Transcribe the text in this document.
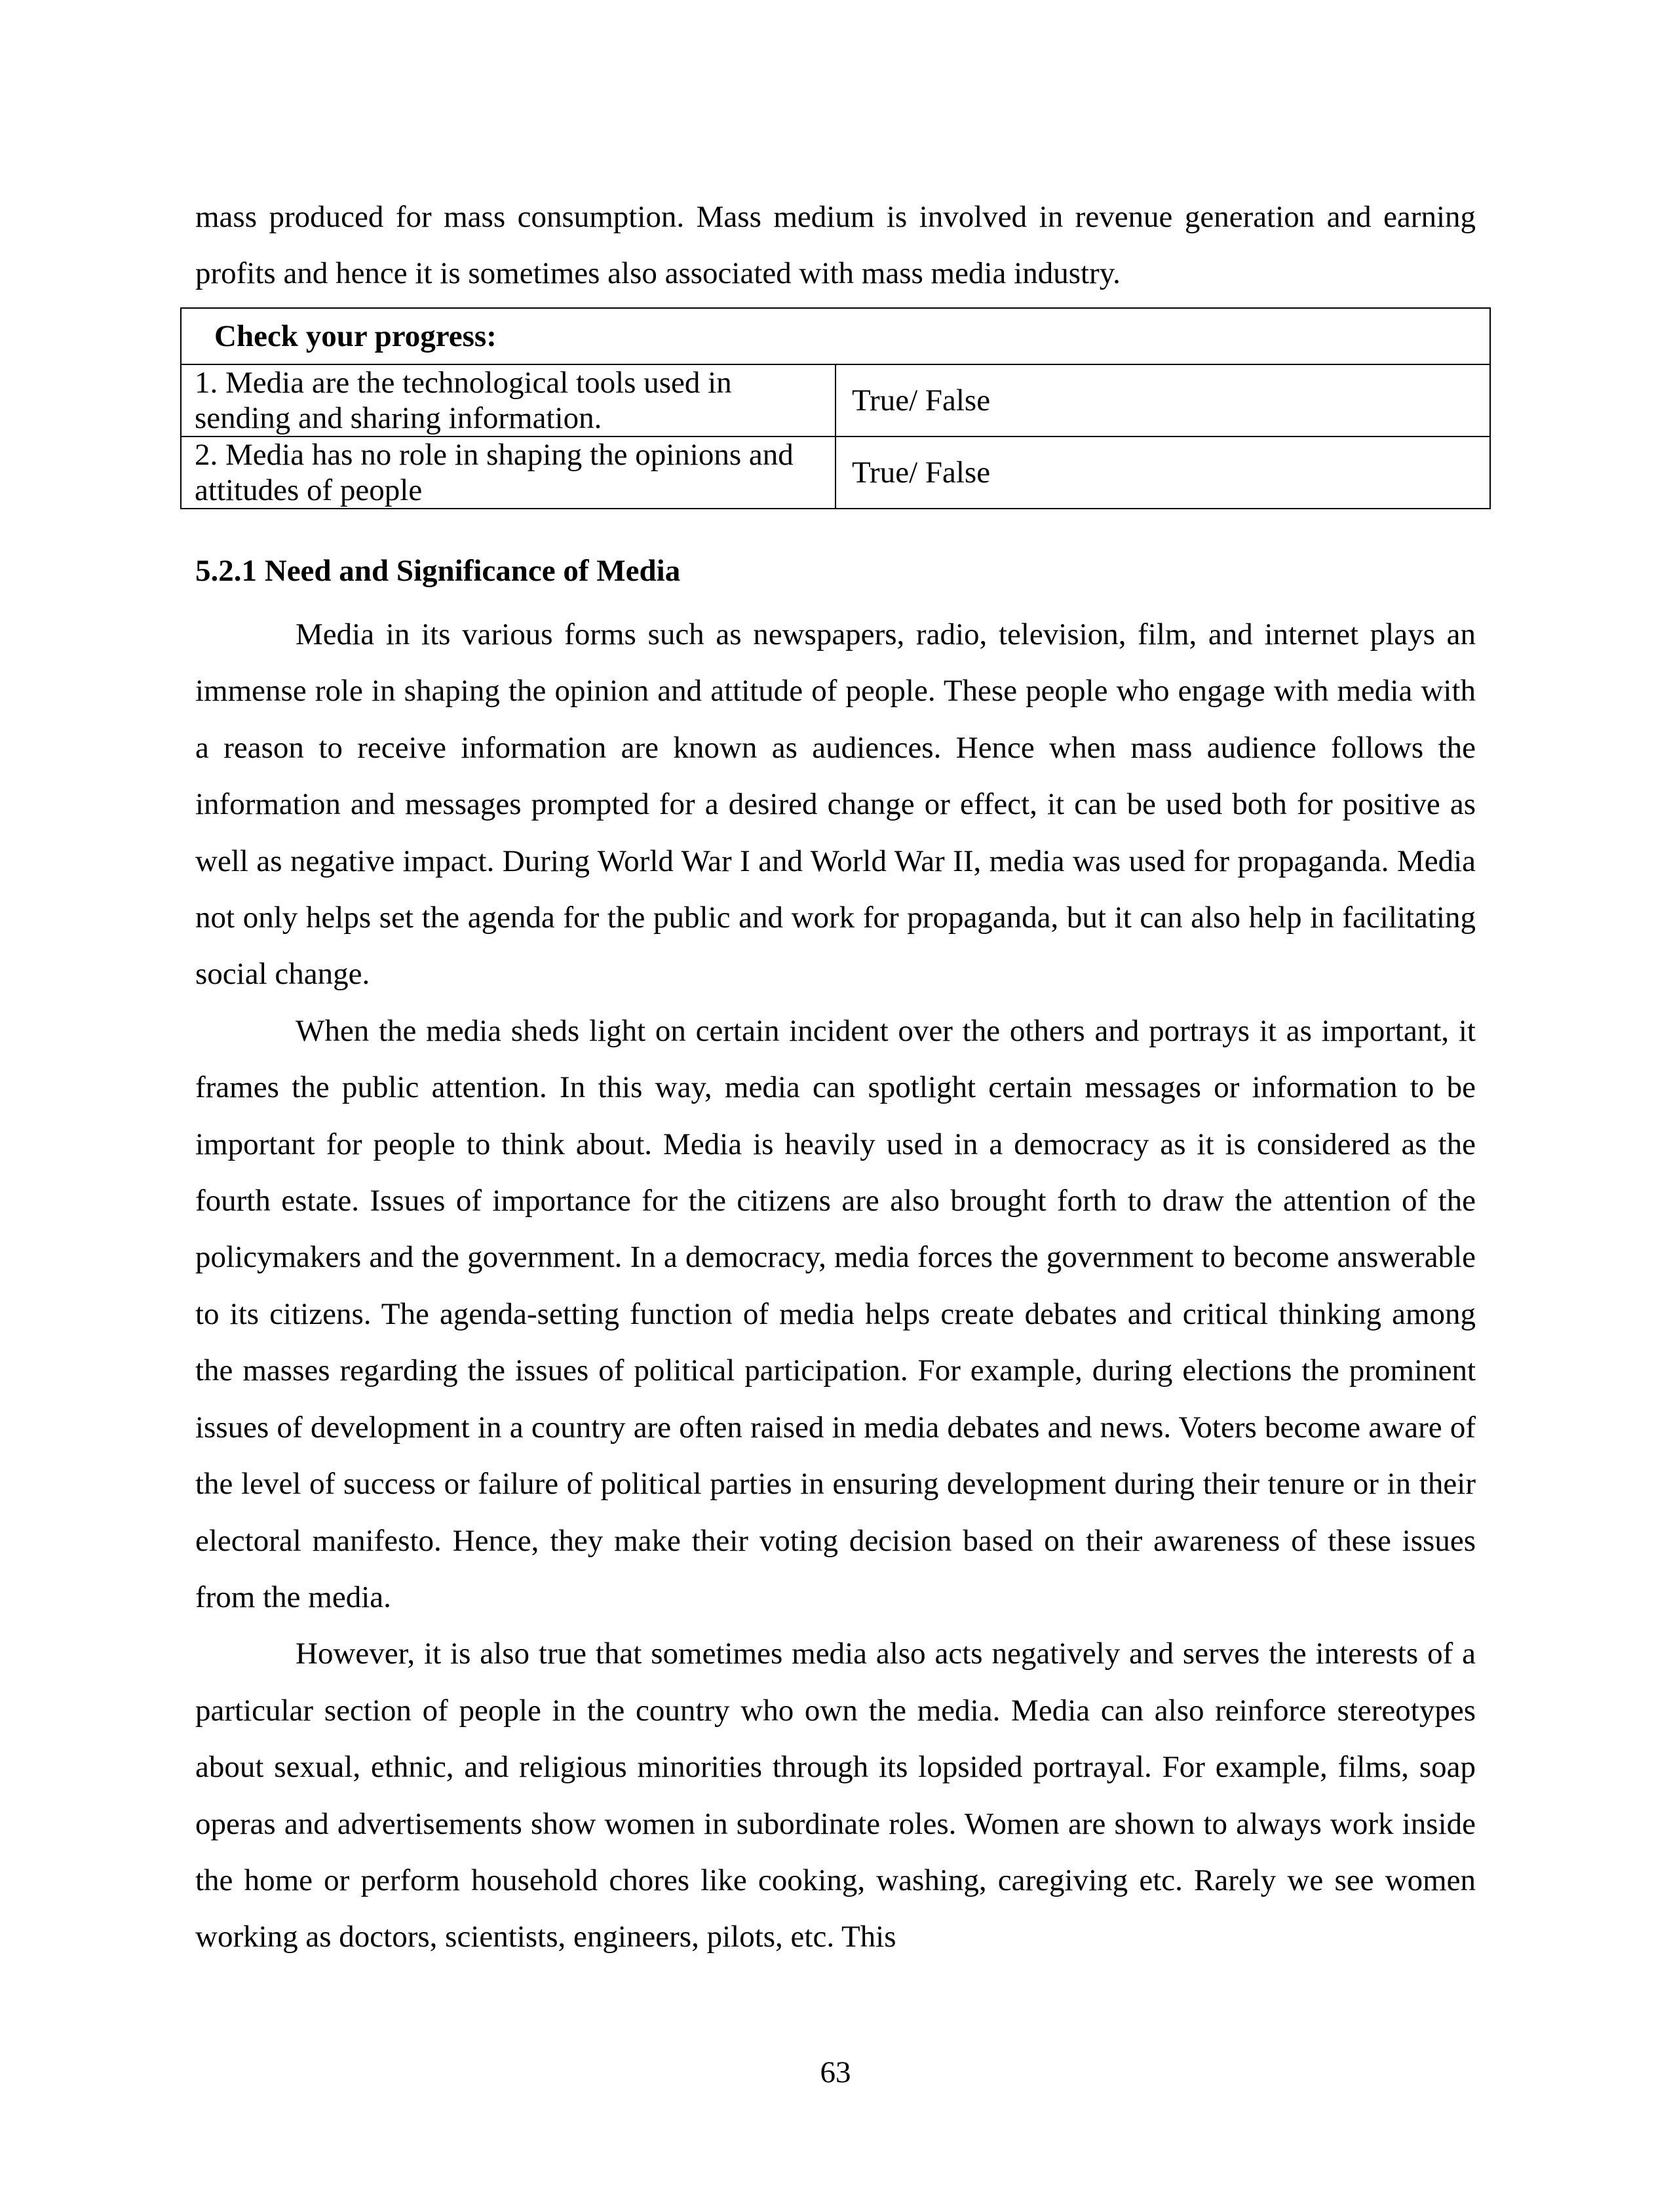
mass produced for mass consumption. Mass medium is involved in revenue generation and earning profits and hence it is sometimes also associated with mass media industry.

Check your progress:	
1. Media are the technological tools used in sending and sharing information.	True/ False
2. Media has no role in shaping the opinions and attitudes of people	True/ False
5.2.1 Need and Significance of Media

Media in its various forms such as newspapers, radio, television, film, and internet plays an immense role in shaping the opinion and attitude of people. These people who engage with media with a reason to receive information are known as audiences. Hence when mass audience follows the information and messages prompted for a desired change or effect, it can be used both for positive as well as negative impact. During World War I and World War II, media was used for propaganda. Media not only helps set the agenda for the public and work for propaganda, but it can also help in facilitating social change.

When the media sheds light on certain incident over the others and portrays it as important, it frames the public attention. In this way, media can spotlight certain messages or information to be important for people to think about. Media is heavily used in a democracy as it is considered as the fourth estate. Issues of importance for the citizens are also brought forth to draw the attention of the policymakers and the government. In a democracy, media forces the government to become answerable to its citizens. The agenda-setting function of media helps create debates and critical thinking among the masses regarding the issues of political participation. For example, during elections the prominent issues of development in a country are often raised in media debates and news. Voters become aware of the level of success or failure of political parties in ensuring development during their tenure or in their electoral manifesto. Hence, they make their voting decision based on their awareness of these issues from the media.

However, it is also true that sometimes media also acts negatively and serves the interests of a particular section of people in the country who own the media. Media can also reinforce stereotypes about sexual, ethnic, and religious minorities through its lopsided portrayal. For example, films, soap operas and advertisements show women in subordinate roles. Women are shown to always work inside the home or perform household chores like cooking, washing, caregiving etc. Rarely we see women working as doctors, scientists, engineers, pilots, etc. This

63
